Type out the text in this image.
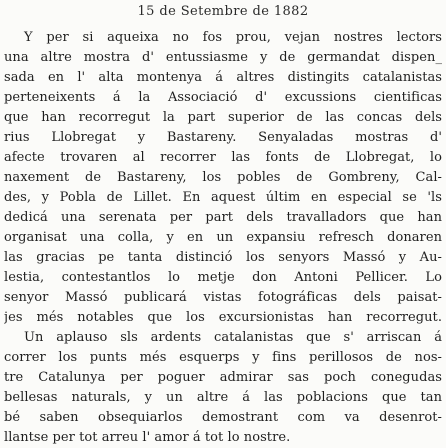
15 de Setembre de 1882
Y per si aqueixa no fos prou, vejan nostres lectors
una altre mostra d' entussiasme y de germandat dispen_
sada en l' alta montenya á altres distingits catalanistas
perteneixents á la Associació d' excussions cientificas
que han recorregut la part superior de las concas dels
rius Llobregat y Bastareny. Senyaladas mostras d'
afecte trovaren al recorrer las fonts de Llobregat, lo
naxement de Bastareny, los pobles de Gombreny, Cal-
des, y Pobla de Lillet. En aquest últim en especial se 'ls
dedicá una serenata per part dels travalladors que han
organisat una colla, y en un expansiu refresch donaren
las gracias pe tanta distinció los senyors Massó y Au-
lestia, contestantlos lo metje don Antoni Pellicer. Lo
senyor Massó publicará vistas fotográficas dels paisat-
jes més notables que los excursionistas han recorregut.
Un aplauso sls ardents catalanistas que s' arriscan á
correr los punts més esquerps y fins perillosos de nos-
tre Catalunya per poguer admirar sas poch conegudas
bellesas naturals, y un altre á las poblacions que tan
bé saben obsequiarlos demostrant com va desenrot-
llantse per tot arreu l' amor á tot lo nostre.
